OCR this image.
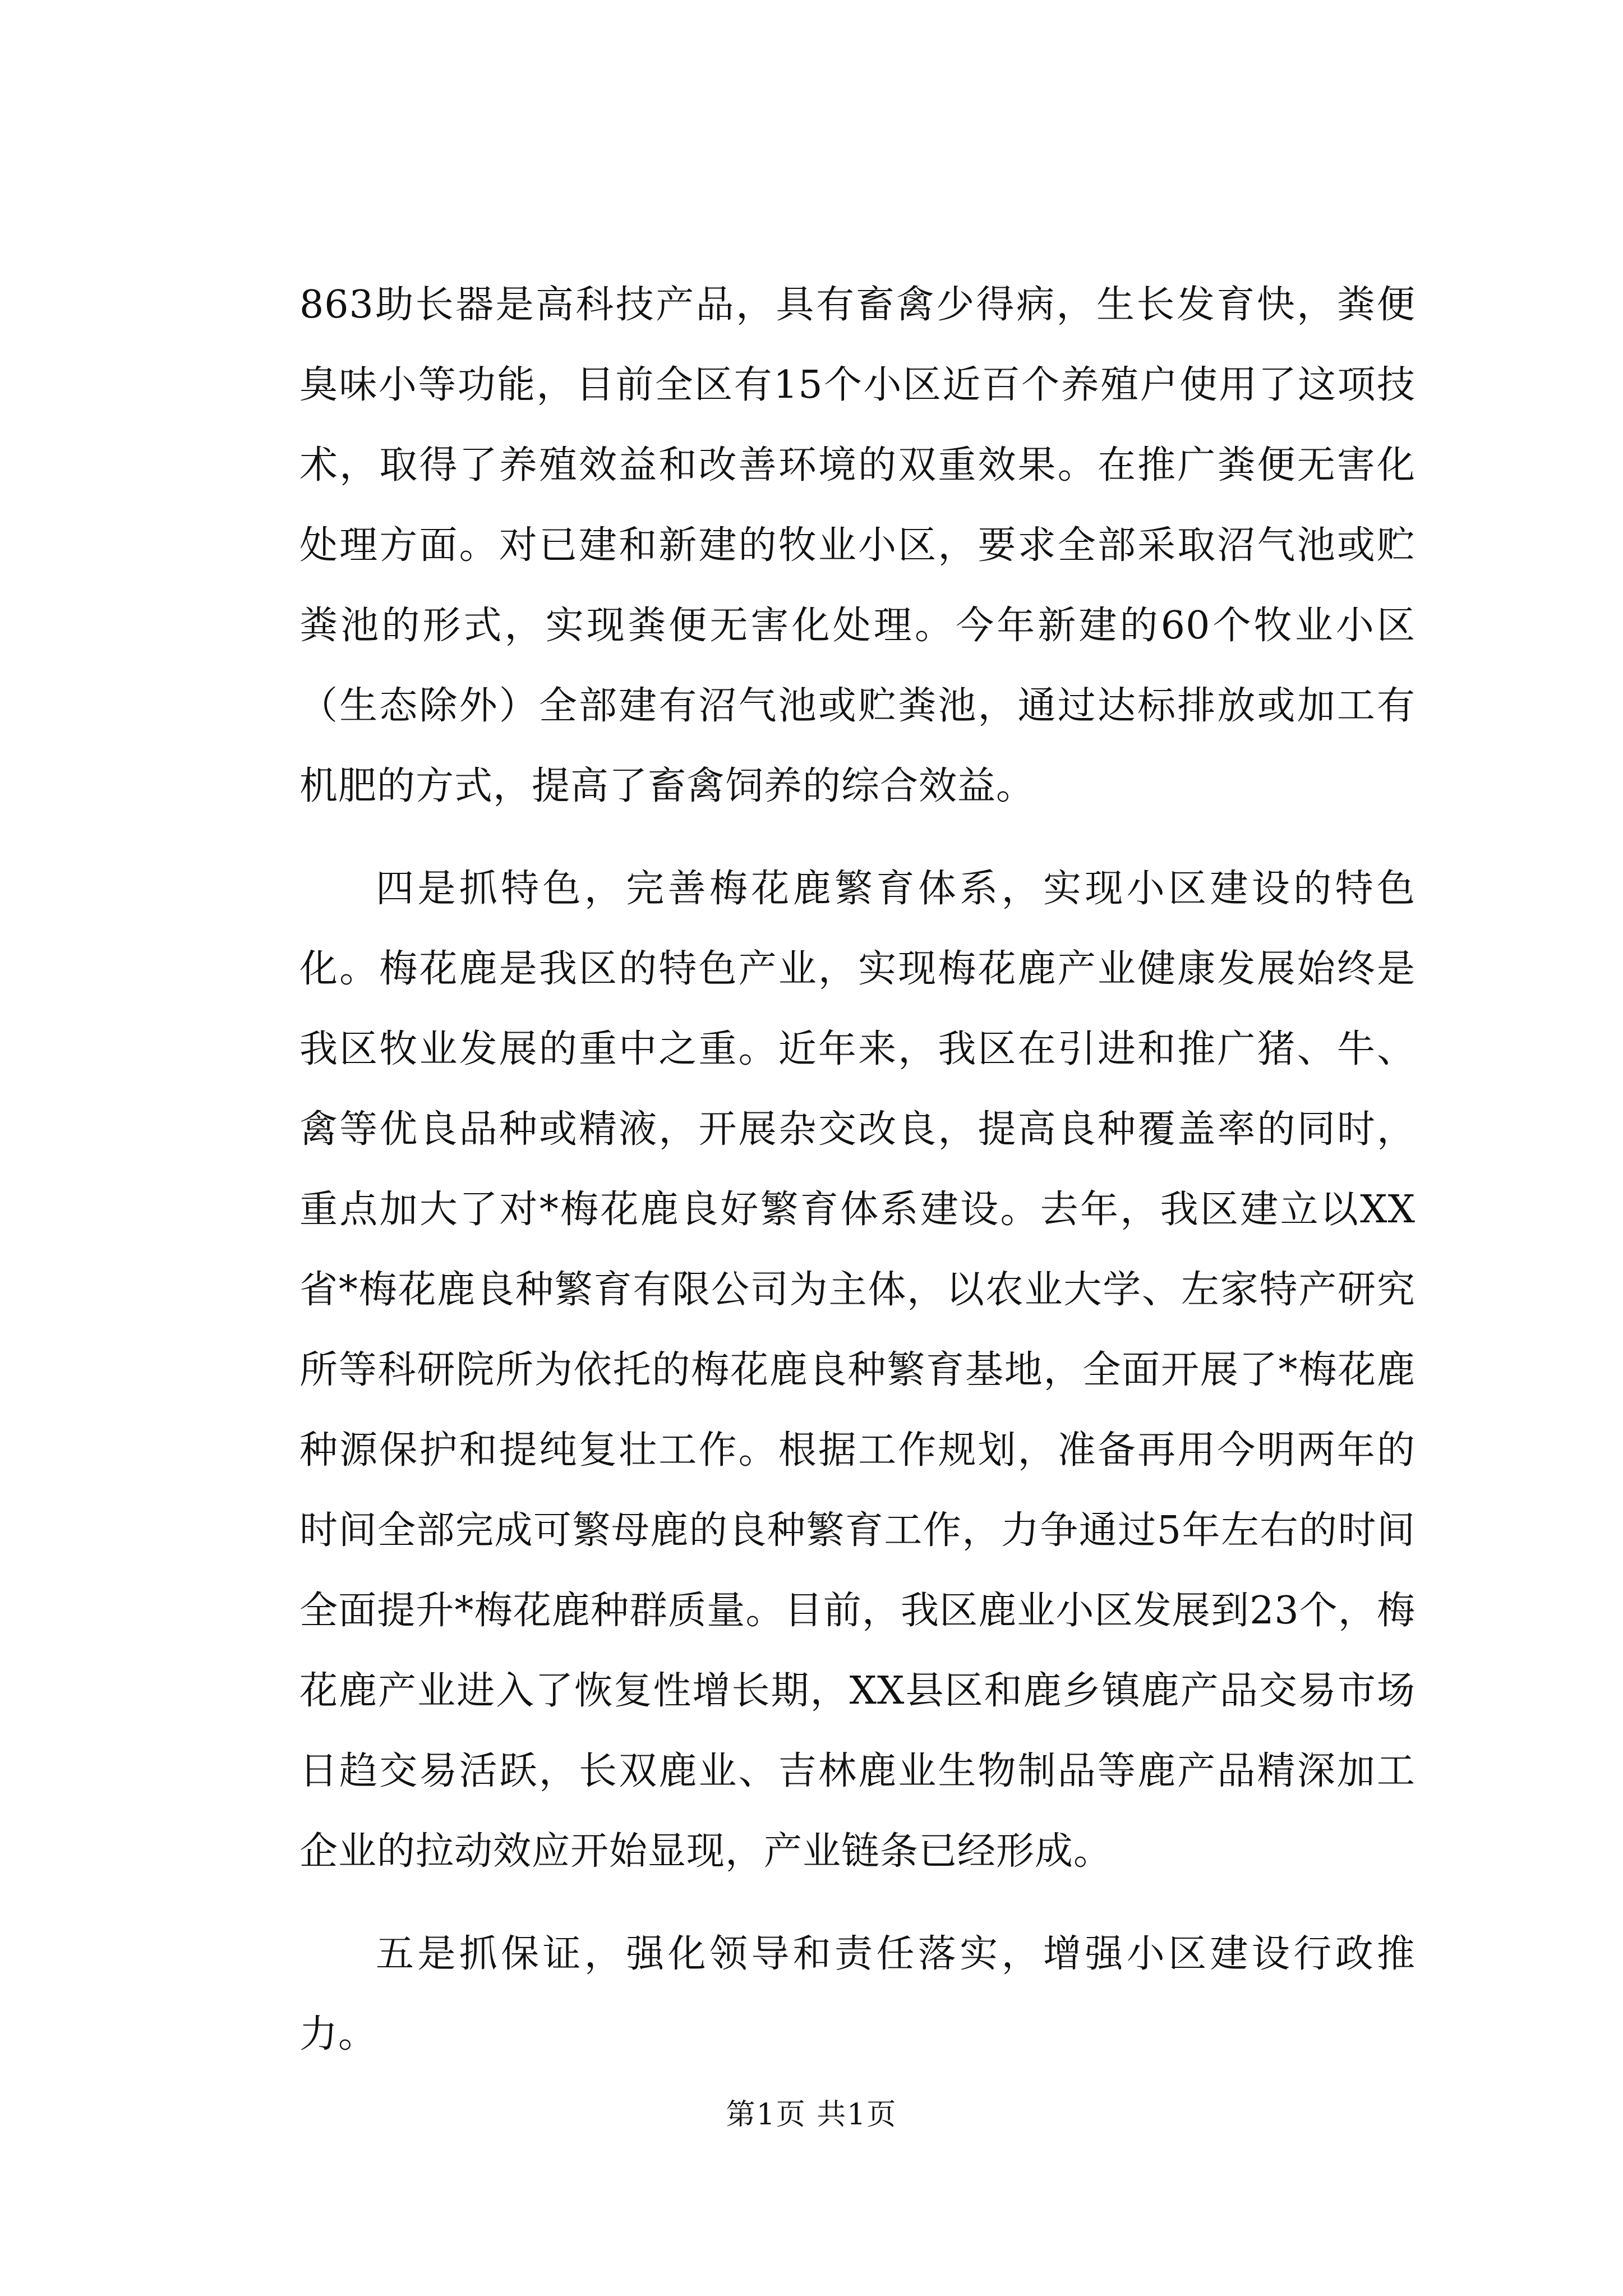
863助长器是高科技产品，具有畜禽少得病，生长发育快，粪便臭味小等功能，目前全区有15个小区近百个养殖户使用了这项技术，取得了养殖效益和改善环境的双重效果。在推广粪便无害化处理方面。对已建和新建的牧业小区，要求全部采取沼气池或贮粪池的形式，实现粪便无害化处理。今年新建的60个牧业小区（生态除外）全部建有沼气池或贮粪池，通过达标排放或加工有机肥的方式，提高了畜禽饲养的综合效益。

四是抓特色，完善梅花鹿繁育体系，实现小区建设的特色化。梅花鹿是我区的特色产业，实现梅花鹿产业健康发展始终是我区牧业发展的重中之重。近年来，我区在引进和推广猪、牛、禽等优良品种或精液，开展杂交改良，提高良种覆盖率的同时，重点加大了对*梅花鹿良好繁育体系建设。去年，我区建立以XX省*梅花鹿良种繁育有限公司为主体，以农业大学、左家特产研究所等科研院所为依托的梅花鹿良种繁育基地，全面开展了*梅花鹿种源保护和提纯复壮工作。根据工作规划，准备再用今明两年的时间全部完成可繁母鹿的良种繁育工作，力争通过5年左右的时间全面提升*梅花鹿种群质量。目前，我区鹿业小区发展到23个，梅花鹿产业进入了恢复性增长期，XX县区和鹿乡镇鹿产品交易市场日趋交易活跃，长双鹿业、吉林鹿业生物制品等鹿产品精深加工企业的拉动效应开始显现，产业链条已经形成。

五是抓保证，强化领导和责任落实，增强小区建设行政推力。

第1页 共1页
